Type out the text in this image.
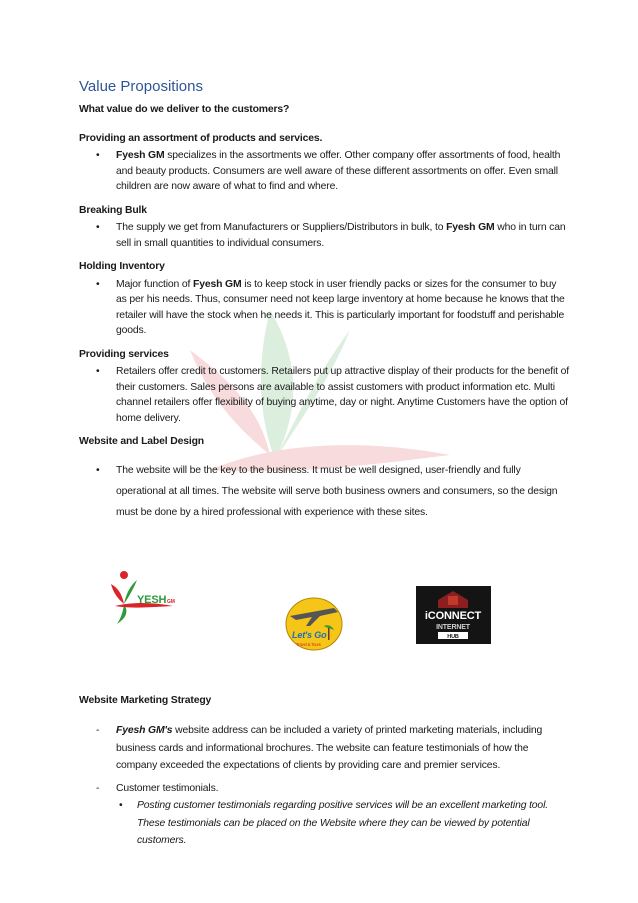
Value Propositions
What value do we deliver to the customers?
Providing an assortment of products and services.
• Fyesh GM specializes in the assortments we offer. Other company offer assortments of food, health and beauty products. Consumers are well aware of these different assortments on offer. Even small children are now aware of what to find and where.
Breaking Bulk
• The supply we get from Manufacturers or Suppliers/Distributors in bulk, to Fyesh GM who in turn can sell in small quantities to individual consumers.
Holding Inventory
• Major function of Fyesh GM is to keep stock in user friendly packs or sizes for the consumer to buy as per his needs. Thus, consumer need not keep large inventory at home because he knows that the retailer will have the stock when he needs it. This is particularly important for foodstuff and perishable goods.
Providing services
• Retailers offer credit to customers. Retailers put up attractive display of their products for the benefit of their customers. Sales persons are available to assist customers with product information etc. Multi channel retailers offer flexibility of buying anytime, day or night. Anytime Customers have the option of home delivery.
Website and Label Design
• The website will be the key to the business. It must be well designed, user-friendly and fully operational at all times. The website will serve both business owners and consumers, so the design must be done by a hired professional with experience with these sites.
YESH GM
Let's Go
Travel & Tours
iCONNECT
INTERNET
HUB
Website Marketing Strategy
- Fyesh GM's website address can be included a variety of printed marketing materials, including business cards and informational brochures. The website can feature testimonials of how the company exceeded the expectations of clients by providing care and premier services.
- Customer testimonials.
• Posting customer testimonials regarding positive services will be an excellent marketing tool. These testimonials can be placed on the Website where they can be viewed by potential customers.
